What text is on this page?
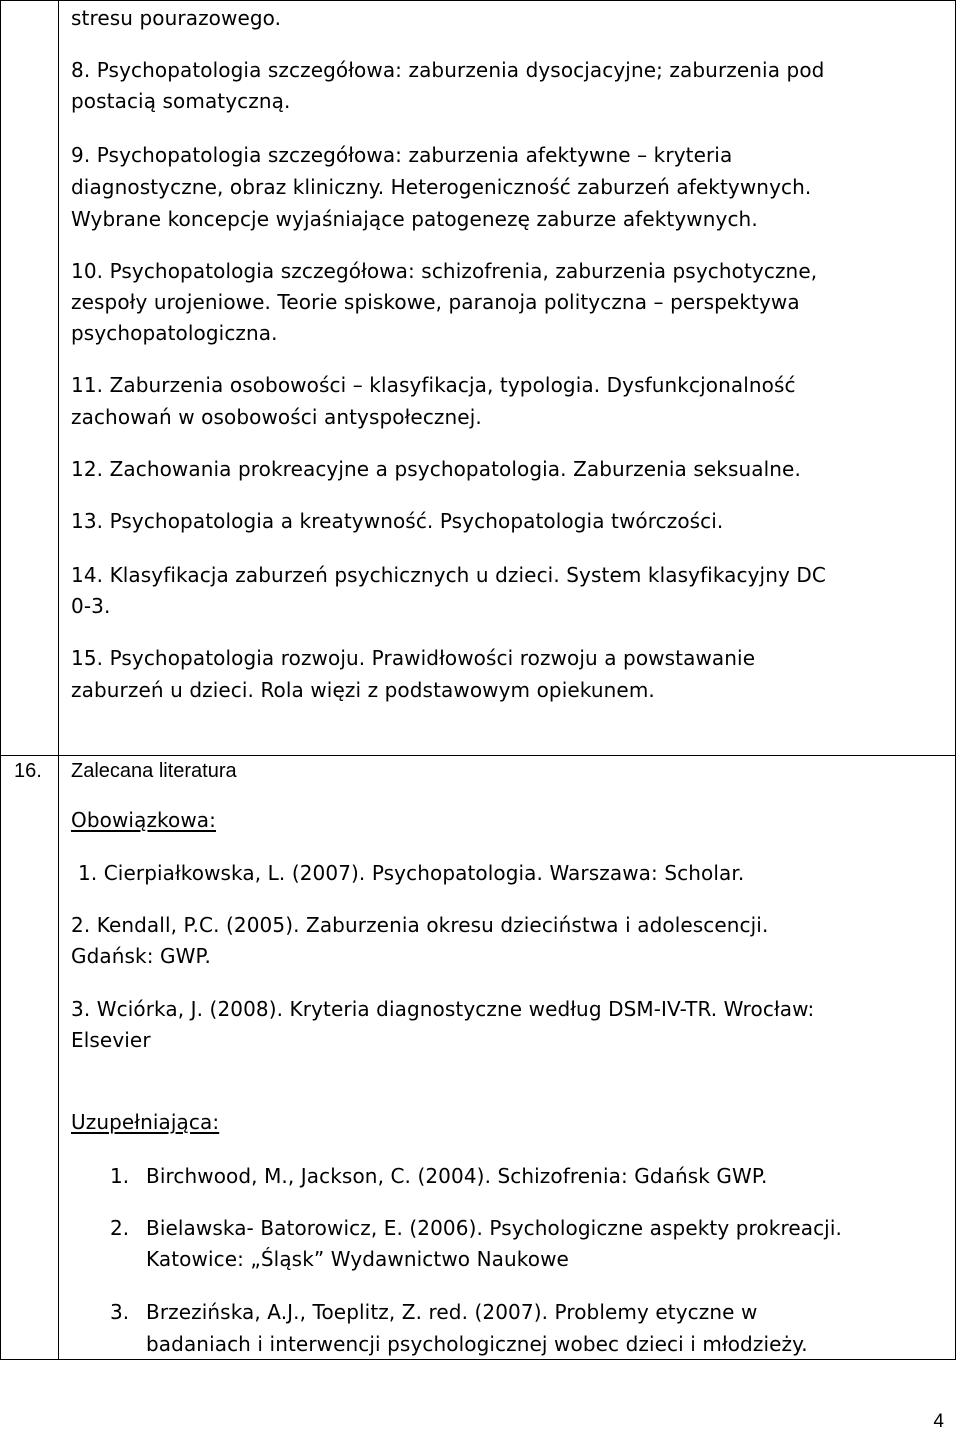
stresu pourazowego.

8. Psychopatologia szczegółowa: zaburzenia dysocjacyjne; zaburzenia pod

postacią somatyczną.

9. Psychopatologia szczegółowa: zaburzenia afektywne – kryteria

diagnostyczne, obraz kliniczny. Heterogeniczność zaburzeń afektywnych.

Wybrane koncepcje wyjaśniające patogenezę zaburze afektywnych.

10. Psychopatologia szczegółowa: schizofrenia, zaburzenia psychotyczne,

zespoły urojeniowe. Teorie spiskowe, paranoja polityczna – perspektywa

psychopatologiczna.

11. Zaburzenia osobowości – klasyfikacja, typologia. Dysfunkcjonalność

zachowań w osobowości antyspołecznej.

12. Zachowania prokreacyjne a psychopatologia. Zaburzenia seksualne.

13. Psychopatologia a kreatywność. Psychopatologia twórczości.

14. Klasyfikacja zaburzeń psychicznych u dzieci. System klasyfikacyjny DC

0-3.

15. Psychopatologia rozwoju. Prawidłowości rozwoju a powstawanie

zaburzeń u dzieci. Rola więzi z podstawowym opiekunem.

16. Zalecana literatura

Obowiązkowa:

1. Cierpiałkowska, L. (2007). Psychopatologia. Warszawa: Scholar.

2. Kendall, P.C. (2005). Zaburzenia okresu dzieciństwa i adolescencji.

Gdańsk: GWP.

3. Wciórka, J. (2008). Kryteria diagnostyczne według DSM-IV-TR. Wrocław:

Elsevier

Uzupełniająca:

1. Birchwood, M., Jackson, C. (2004). Schizofrenia: Gdańsk GWP.

2. Bielawska- Batorowicz, E. (2006). Psychologiczne aspekty prokreacji.

Katowice: „Śląsk” Wydawnictwo Naukowe

3. Brzezińska, A.J., Toeplitz, Z. red. (2007). Problemy etyczne w

badaniach i interwencji psychologicznej wobec dzieci i młodzieży.

4
